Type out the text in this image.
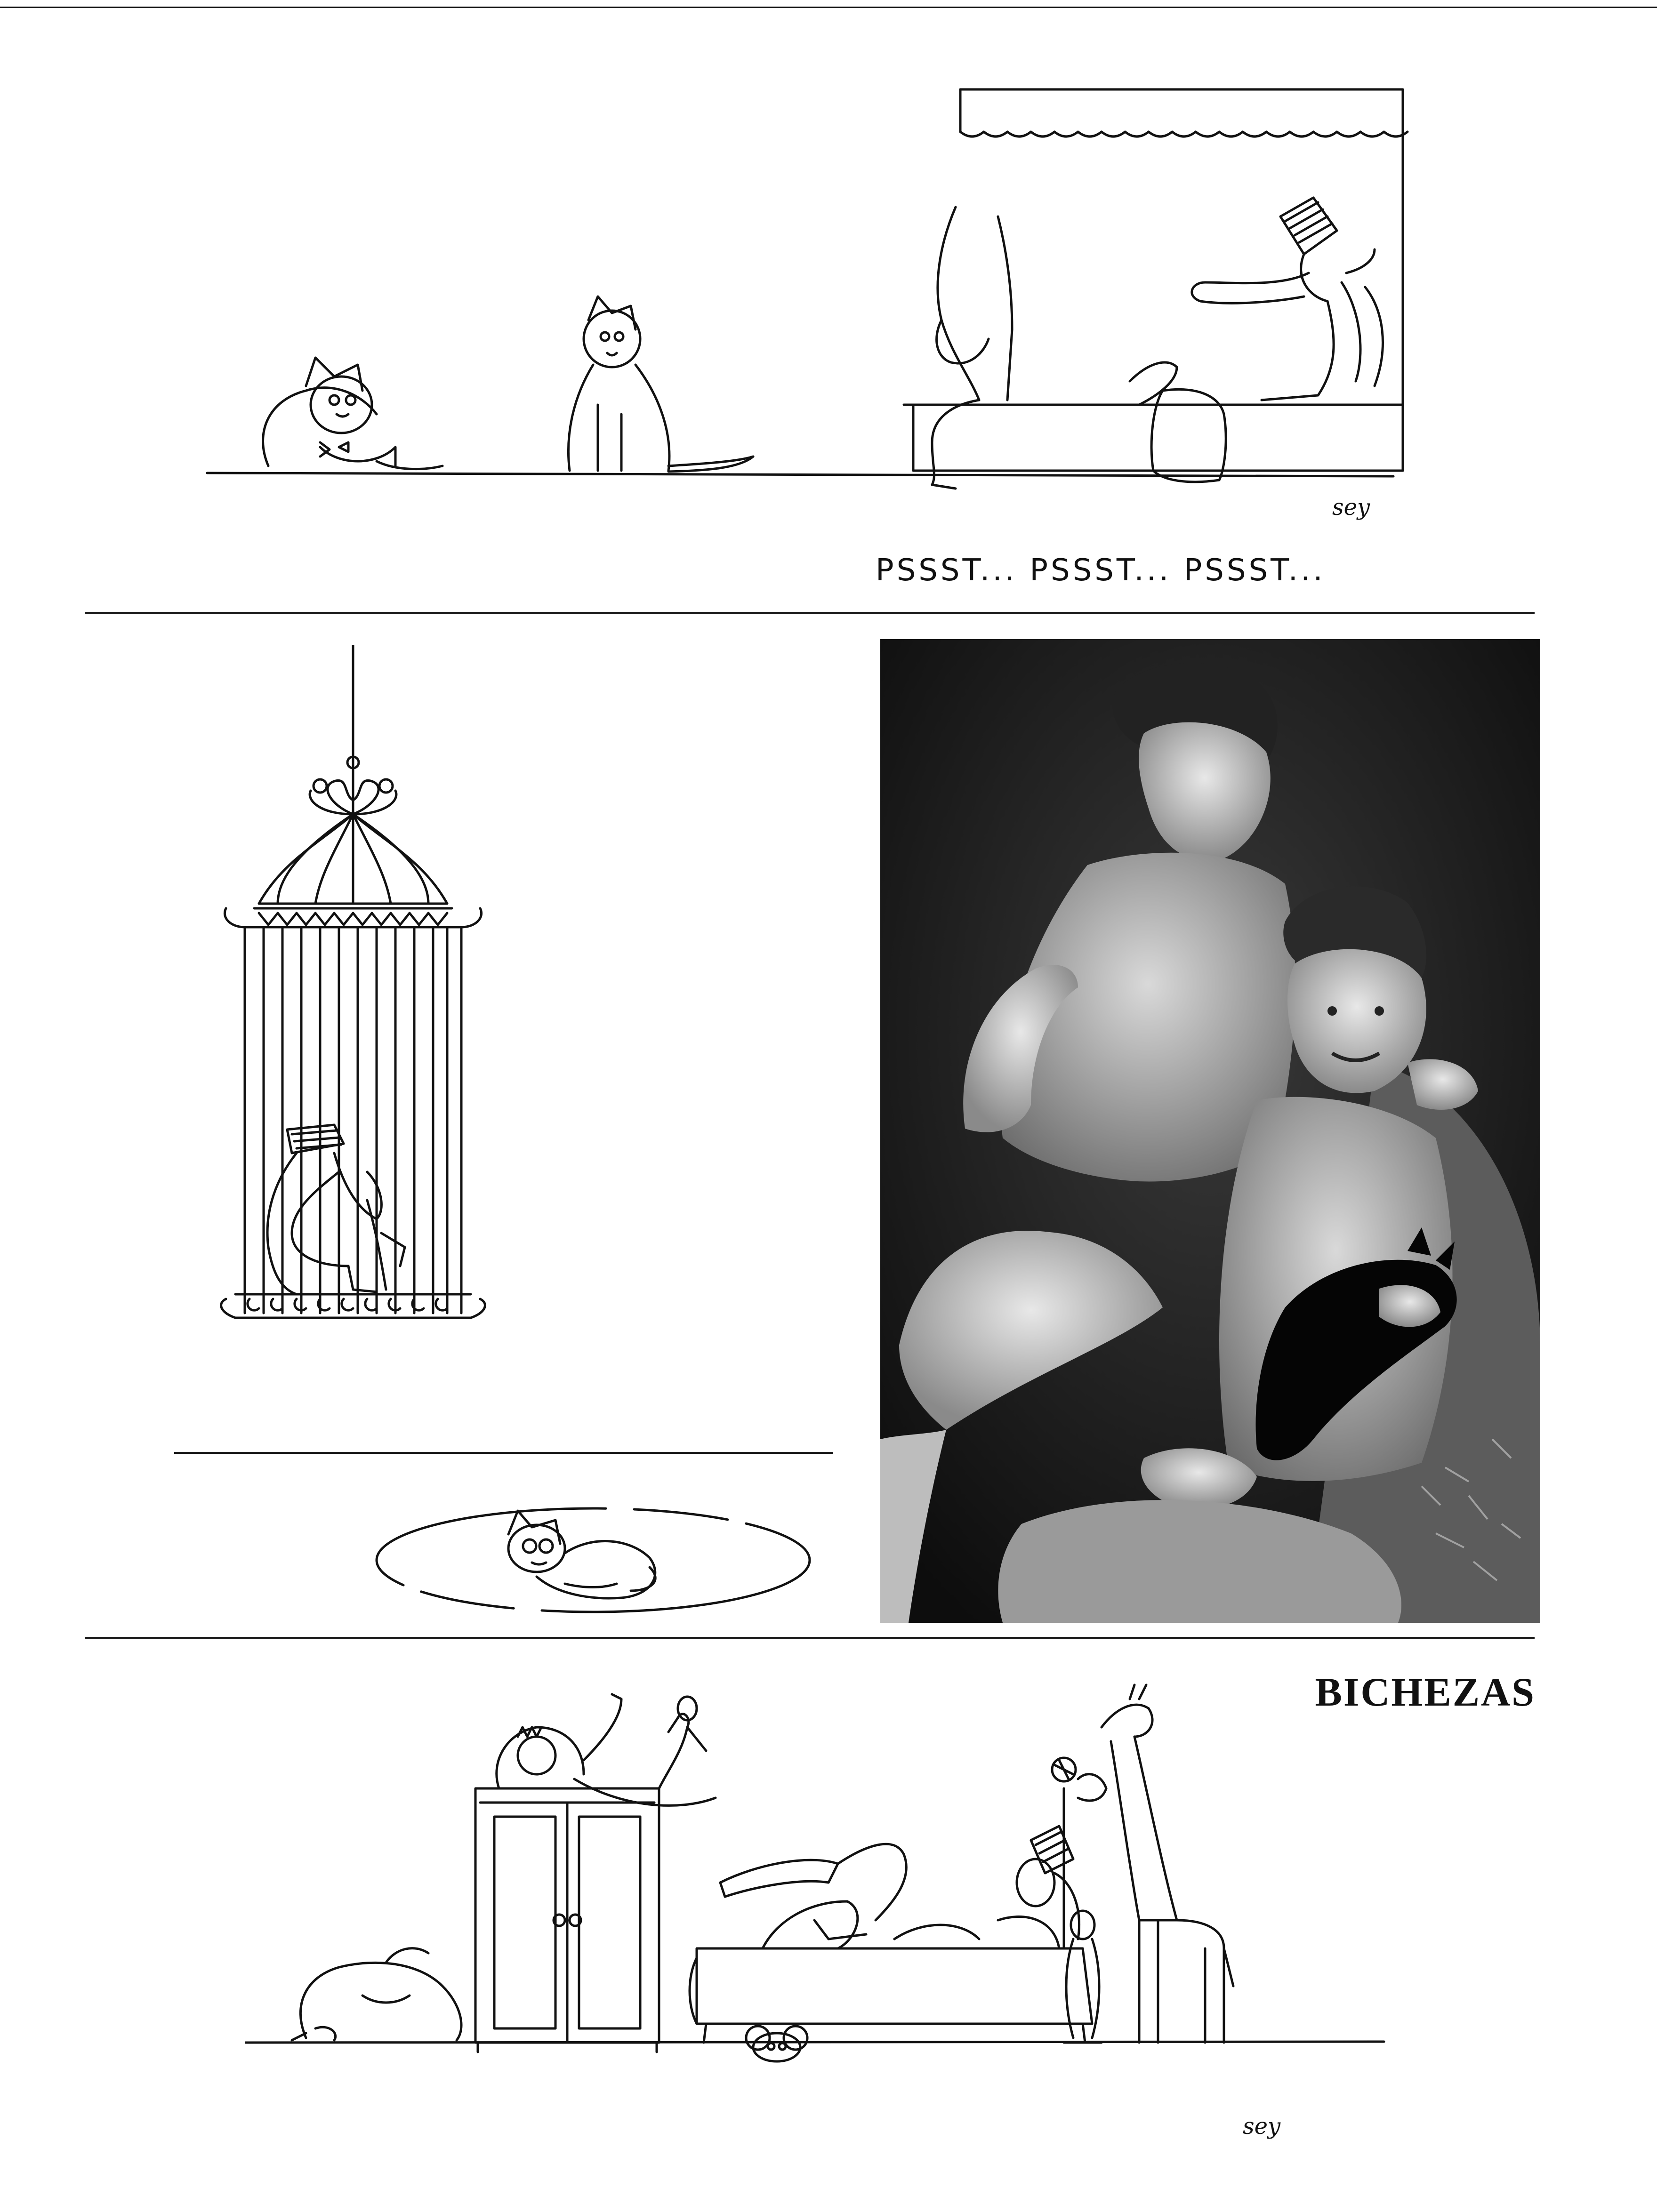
sey
PSSST... PSSST... PSSST...
BICHEZAS
sey
